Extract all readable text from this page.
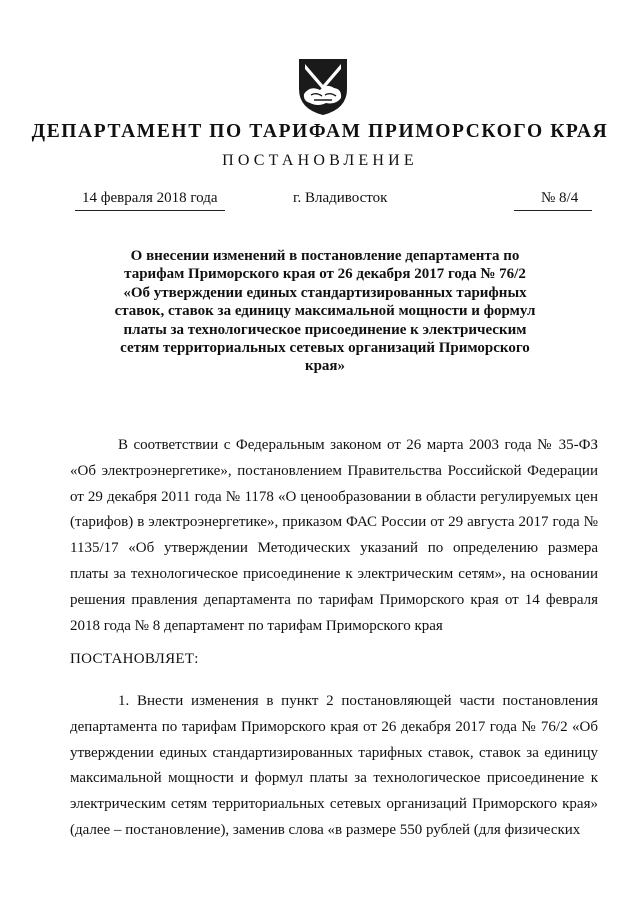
ДЕПАРТАМЕНТ ПО ТАРИФАМ ПРИМОРСКОГО КРАЯ
ПОСТАНОВЛЕНИЕ
14 февраля 2018 года	г. Владивосток	№ 8/4
О внесении изменений в постановление департамента по тарифам Приморского края от 26 декабря 2017 года № 76/2 «Об утверждении единых стандартизированных тарифных ставок, ставок за единицу максимальной мощности и формул платы за технологическое присоединение к электрическим сетям территориальных сетевых организаций Приморского края»
В соответствии с Федеральным законом от 26 марта 2003 года № 35-ФЗ «Об электроэнергетике», постановлением Правительства Российской Федерации от 29 декабря 2011 года № 1178 «О ценообразовании в области регулируемых цен (тарифов) в электроэнергетике», приказом ФАС России от 29 августа 2017 года № 1135/17 «Об утверждении Методических указаний по определению размера платы за технологическое присоединение к электрическим сетям», на основании решения правления департамента по тарифам Приморского края от 14 февраля 2018 года № 8 департамент по тарифам Приморского края
ПОСТАНОВЛЯЕТ:
1. Внести изменения в пункт 2 постановляющей части постановления департамента по тарифам Приморского края от 26 декабря 2017 года № 76/2 «Об утверждении единых стандартизированных тарифных ставок, ставок за единицу максимальной мощности и формул платы за технологическое присоединение к электрическим сетям территориальных сетевых организаций Приморского края» (далее – постановление), заменив слова «в размере 550 рублей (для физических
